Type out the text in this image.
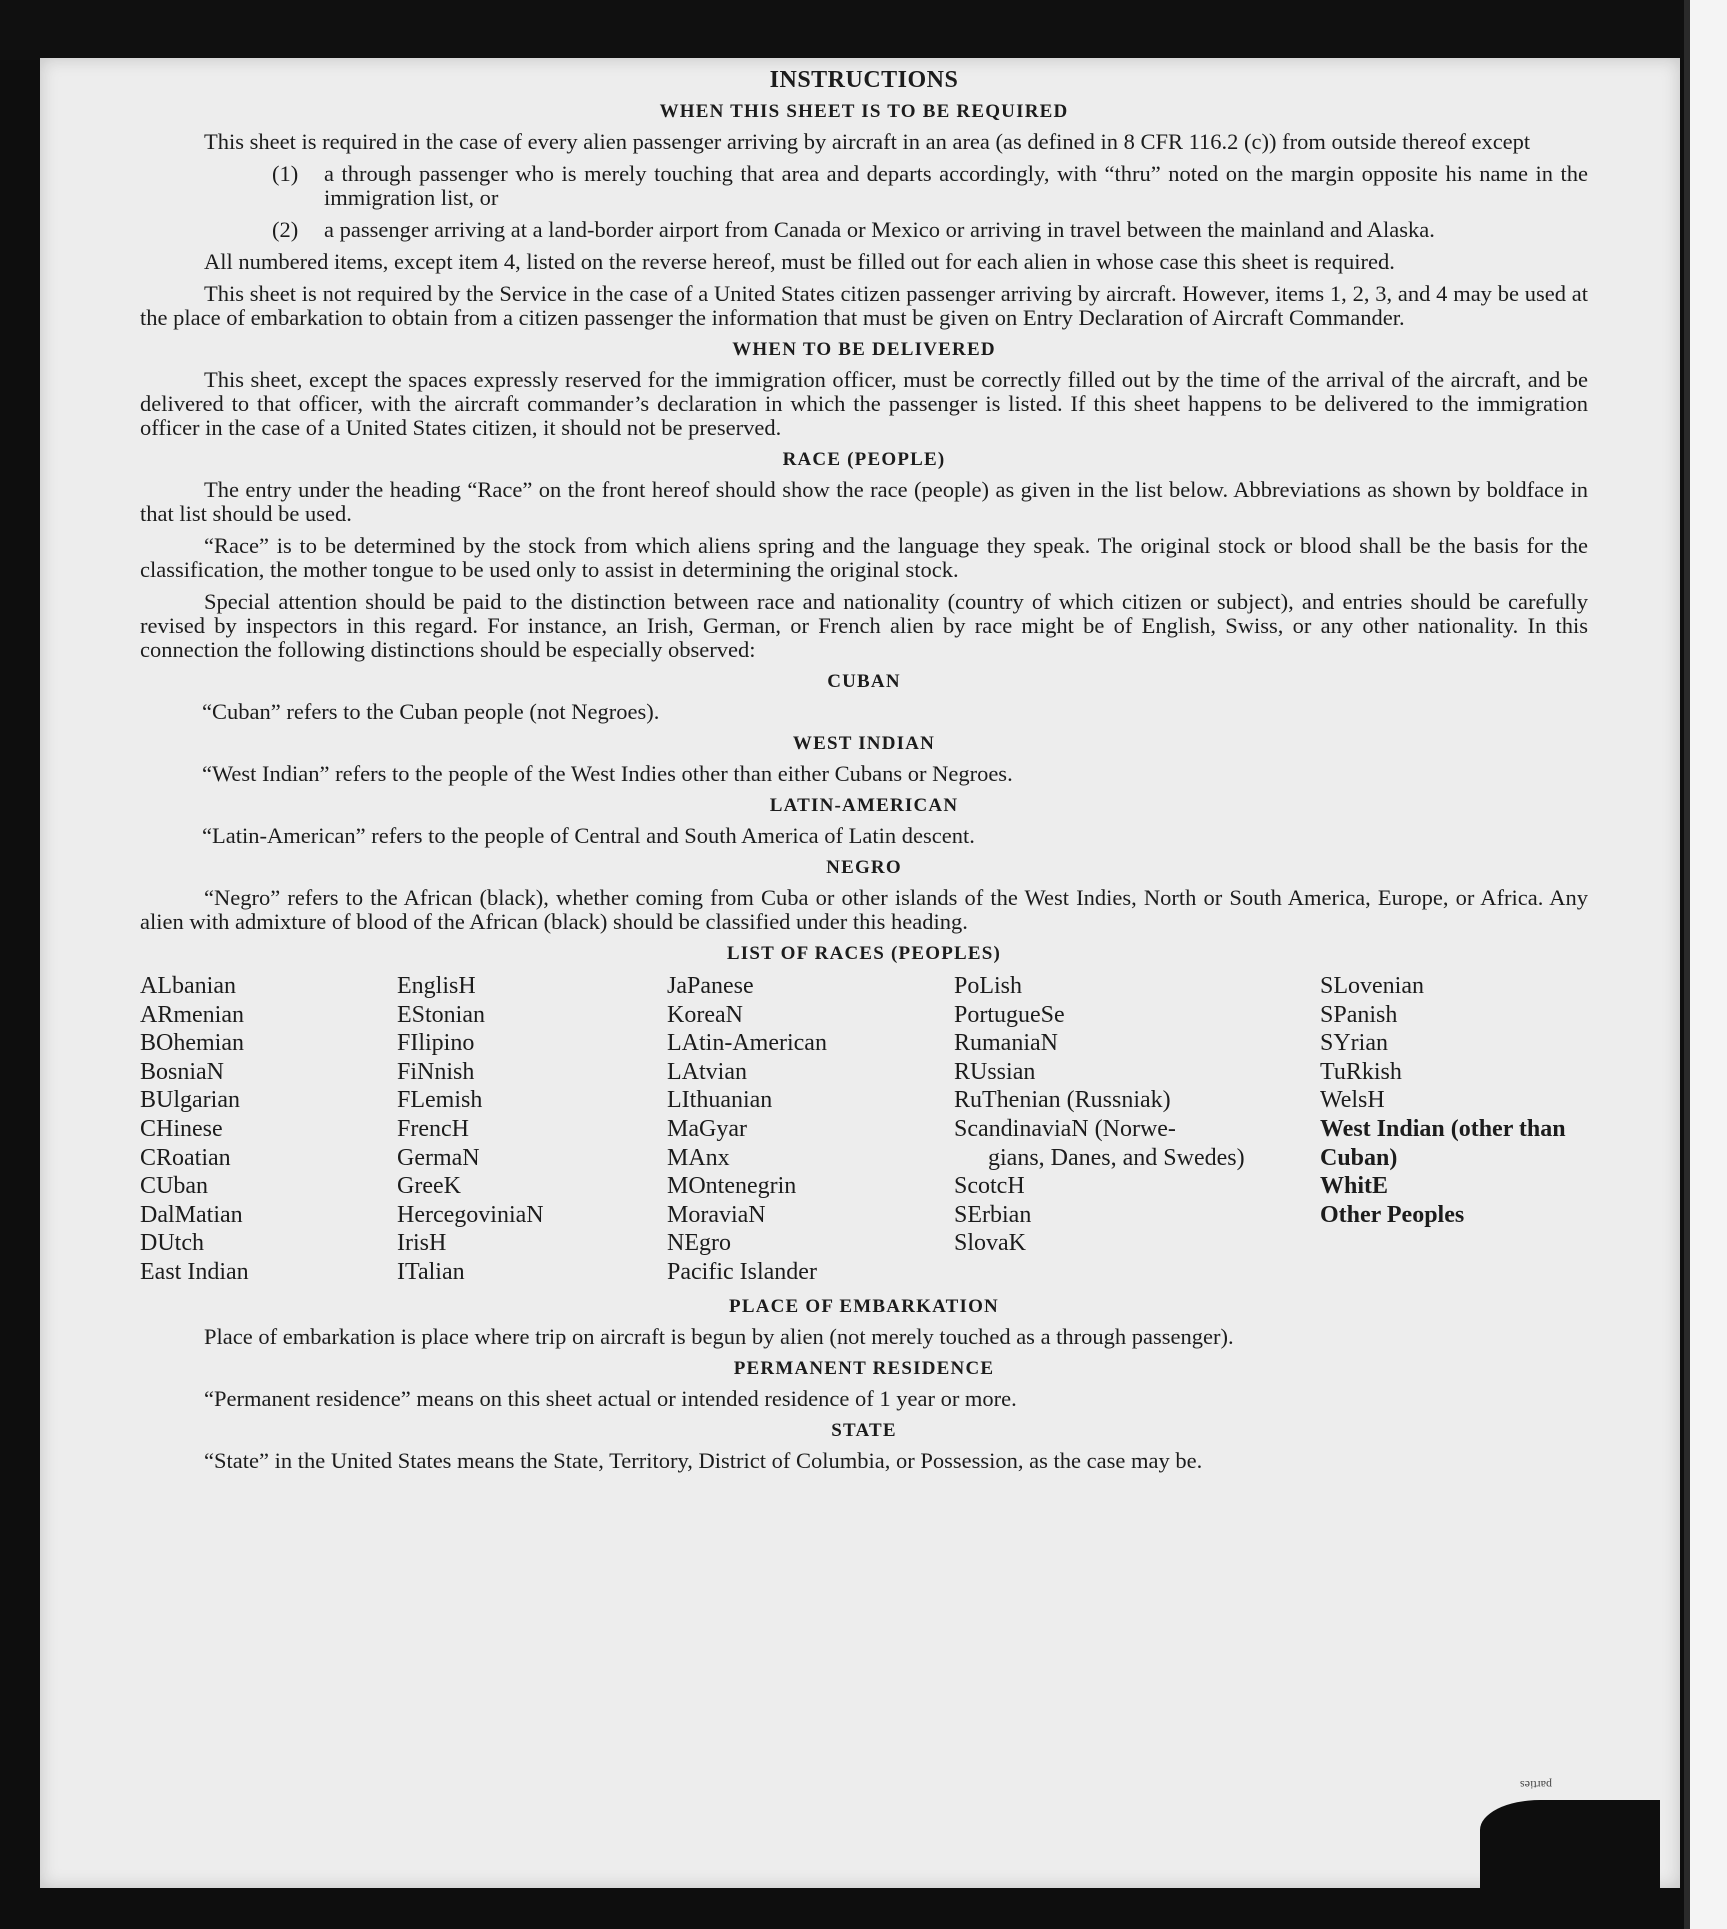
INSTRUCTIONS
WHEN THIS SHEET IS TO BE REQUIRED

This sheet is required in the case of every alien passenger arriving by aircraft in an area (as defined in 8 CFR 116.2 (c)) from outside thereof except

(1)	a through passenger who is merely touching that area and departs accordingly, with “thru” noted on the margin opposite his name in the immigration list, or
(2)	a passenger arriving at a land-border airport from Canada or Mexico or arriving in travel between the mainland and Alaska.

All numbered items, except item 4, listed on the reverse hereof, must be filled out for each alien in whose case this sheet is required.

This sheet is not required by the Service in the case of a United States citizen passenger arriving by aircraft. However, items 1, 2, 3, and 4 may be used at the place of embarkation to obtain from a citizen passenger the information that must be given on Entry Declaration of Aircraft Commander.

WHEN TO BE DELIVERED

This sheet, except the spaces expressly reserved for the immigration officer, must be correctly filled out by the time of the arrival of the aircraft, and be delivered to that officer, with the aircraft commander’s declaration in which the passenger is listed. If this sheet happens to be delivered to the immigration officer in the case of a United States citizen, it should not be preserved.

RACE (PEOPLE)

The entry under the heading “Race” on the front hereof should show the race (people) as given in the list below. Abbreviations as shown by boldface in that list should be used.

“Race” is to be determined by the stock from which aliens spring and the language they speak. The original stock or blood shall be the basis for the classification, the mother tongue to be used only to assist in determining the original stock.

Special attention should be paid to the distinction between race and nationality (country of which citizen or subject), and entries should be carefully revised by inspectors in this regard. For instance, an Irish, German, or French alien by race might be of English, Swiss, or any other nationality. In this connection the following distinctions should be especially observed:

CUBAN

“Cuban” refers to the Cuban people (not Negroes).

WEST INDIAN

“West Indian” refers to the people of the West Indies other than either Cubans or Negroes.

LATIN-AMERICAN

“Latin-American” refers to the people of Central and South America of Latin descent.

NEGRO

“Negro” refers to the African (black), whether coming from Cuba or other islands of the West Indies, North or South America, Europe, or Africa. Any alien with admixture of blood of the African (black) should be classified under this heading.

LIST OF RACES (PEOPLES)
ALbanian
ARmenian
BOhemian
BosniaN
BUlgarian
CHinese
CRoatian
CUban
DalMatian
DUtch
East Indian
EnglisH
EStonian
FIlipino
FiNnish
FLemish
FrencH
GermaN
GreeK
HercegoviniaN
IrisH
ITalian
JaPanese
KoreaN
LAtin-American
LAtvian
LIthuanian
MaGyar
MAnx
MOntenegrin
MoraviaN
NEgro
Pacific Islander
PoLish
PortugueSe
RumaniaN
RUssian
RuThenian (Russniak)
ScandinaviaN (Norwe-
gians, Danes, and Swedes)
ScotcH
SErbian
SlovaK
SLovenian
SPanish
SYrian
TuRkish
WelsH
West Indian (other than Cuban)
WhitE
Other Peoples
PLACE OF EMBARKATION

Place of embarkation is place where trip on aircraft is begun by alien (not merely touched as a through passenger).

PERMANENT RESIDENCE

“Permanent residence” means on this sheet actual or intended residence of 1 year or more.

STATE

“State” in the United States means the State, Territory, District of Columbia, or Possession, as the case may be.

parties
